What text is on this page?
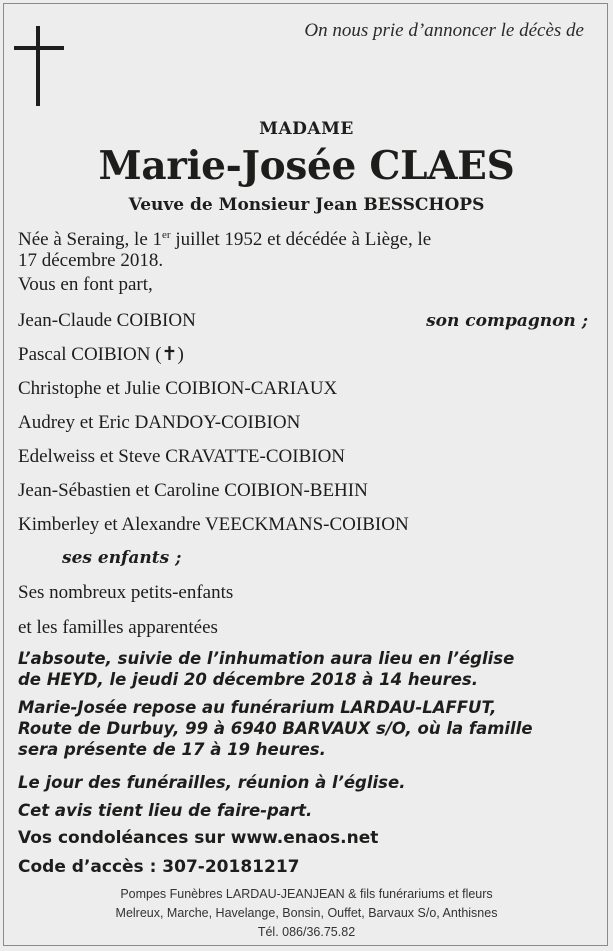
On nous prie d’annoncer le décès de
MADAME
Marie-Josée CLAES
Veuve de Monsieur Jean BESSCHOPS
Née à Seraing, le 1er juillet 1952 et décédée à Liège, le
17 décembre 2018.
Vous en font part,
Jean-Claude COIBION	son compagnon ;
Pascal COIBION (✝)
Christophe et Julie COIBION-CARIAUX
Audrey et Eric DANDOY-COIBION
Edelweiss et Steve CRAVATTE-COIBION
Jean-Sébastien et Caroline COIBION-BEHIN
Kimberley et Alexandre VEECKMANS-COIBION
ses enfants ;
Ses nombreux petits-enfants
et les familles apparentées
L’absoute, suivie de l’inhumation aura lieu en l’église
de HEYD, le jeudi 20 décembre 2018 à 14 heures.
Marie-Josée repose au funérarium LARDAU-LAFFUT,
Route de Durbuy, 99 à 6940 BARVAUX s/O, où la famille
sera présente de 17 à 19 heures.
Le jour des funérailles, réunion à l’église.
Cet avis tient lieu de faire-part.
Vos condoléances sur www.enaos.net
Code d’accès : 307-20181217
Pompes Funèbres LARDAU-JEANJEAN & fils funérariums et fleurs
Melreux, Marche, Havelange, Bonsin, Ouffet, Barvaux S/o, Anthisnes
Tél. 086/36.75.82
